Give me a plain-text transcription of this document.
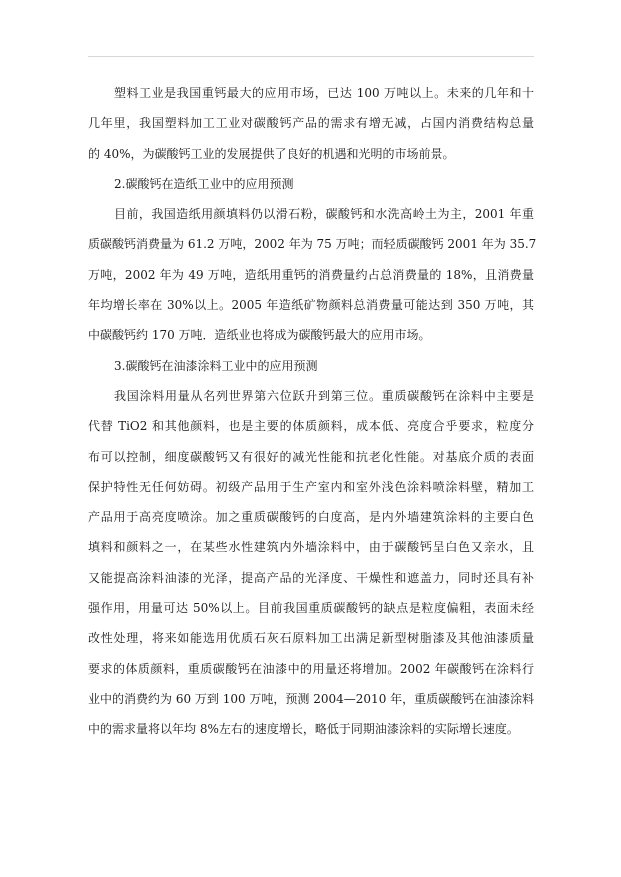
塑料工业是我国重钙最大的应用市场，已达 100 万吨以上。未来的几年和十
几年里，我国塑料加工工业对碳酸钙产品的需求有增无减，占国内消费结构总量
的 40%，为碳酸钙工业的发展提供了良好的机遇和光明的市场前景。
2.碳酸钙在造纸工业中的应用预测
目前，我国造纸用颜填料仍以滑石粉，碳酸钙和水洗高岭土为主，2001 年重
质碳酸钙消费量为 61.2 万吨，2002 年为 75 万吨；而轻质碳酸钙 2001 年为 35.7
万吨，2002 年为 49 万吨，造纸用重钙的消费量约占总消费量的 18%，且消费量
年均增长率在 30%以上。2005 年造纸矿物颜料总消费量可能达到 350 万吨，其
中碳酸钙约 170 万吨．造纸业也将成为碳酸钙最大的应用市场。
3.碳酸钙在油漆涂料工业中的应用预测
我国涂料用量从名列世界第六位跃升到第三位。重质碳酸钙在涂料中主要是
代替 TiO2 和其他颜料，也是主要的体质颜料，成本低、亮度合乎要求，粒度分
布可以控制，细度碳酸钙又有很好的减光性能和抗老化性能。对基底介质的表面
保护特性无任何妨碍。初级产品用于生产室内和室外浅色涂料喷涂料壁，精加工
产品用于高亮度喷涂。加之重质碳酸钙的白度高，是内外墙建筑涂料的主要白色
填料和颜料之一，在某些水性建筑内外墙涂料中，由于碳酸钙呈白色又亲水，且
又能提高涂料油漆的光泽，提高产品的光泽度、干燥性和遮盖力，同时还具有补
强作用，用量可达 50%以上。目前我国重质碳酸钙的缺点是粒度偏粗，表面未经
改性处理，将来如能选用优质石灰石原料加工出满足新型树脂漆及其他油漆质量
要求的体质颜料，重质碳酸钙在油漆中的用量还将增加。2002 年碳酸钙在涂料行
业中的消费约为 60 万到 100 万吨，预测 2004—2010 年，重质碳酸钙在油漆涂料
中的需求量将以年均 8%左右的速度增长，略低于同期油漆涂料的实际增长速度。
